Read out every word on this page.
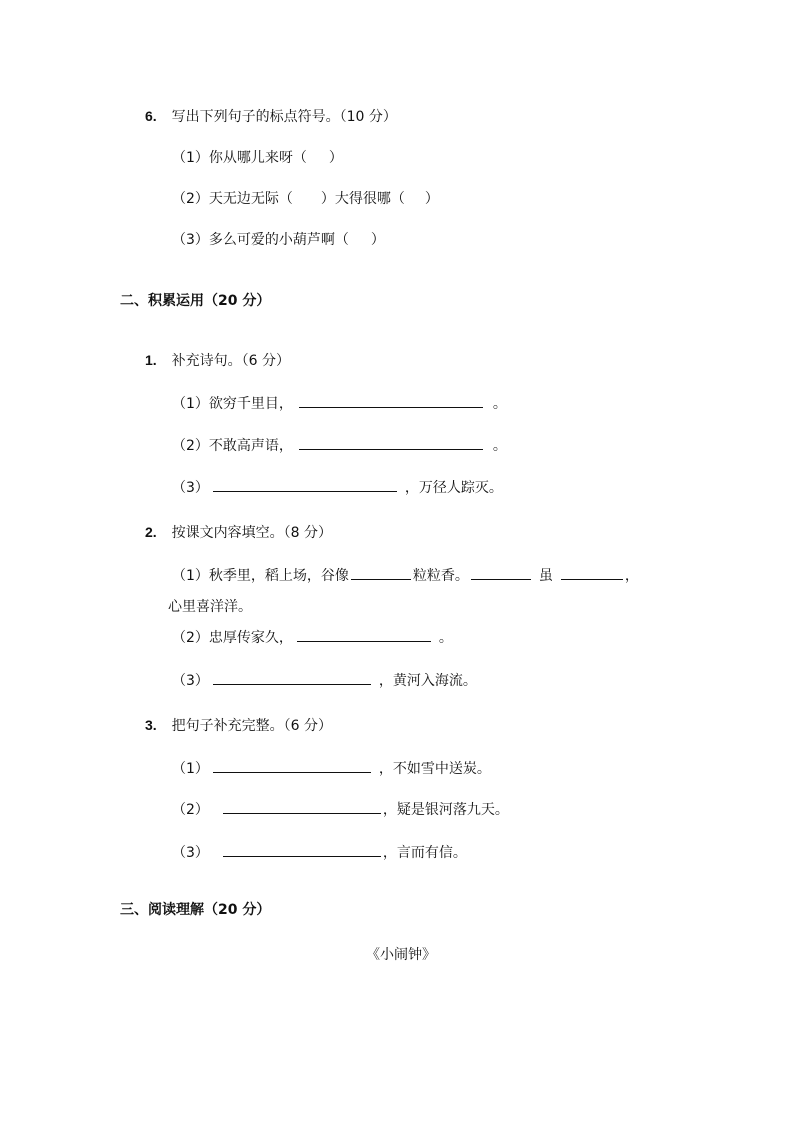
6. 写出下列句子的标点符号。（10 分）
（1）你从哪儿来呀（ ）
（2）天无边无际（ ）大得很哪（ ）
（3）多么可爱的小葫芦啊（ ）
二、积累运用（20 分）
1. 补充诗句。（6 分）
（1）欲穷千里目，	。
（2）不敢高声语，	。
（3）	，万径人踪灭。
2. 按课文内容填空。（8 分）
（1）秋季里，稻上场，谷像	粒粒香。	虽	，
心里喜洋洋。
（2）忠厚传家久，	。
（3）	，黄河入海流。
3. 把句子补充完整。（6 分）
（1）	，不如雪中送炭。
（2）	，疑是银河落九天。
（3）	，言而有信。
三、阅读理解（20 分）
《小闹钟》
